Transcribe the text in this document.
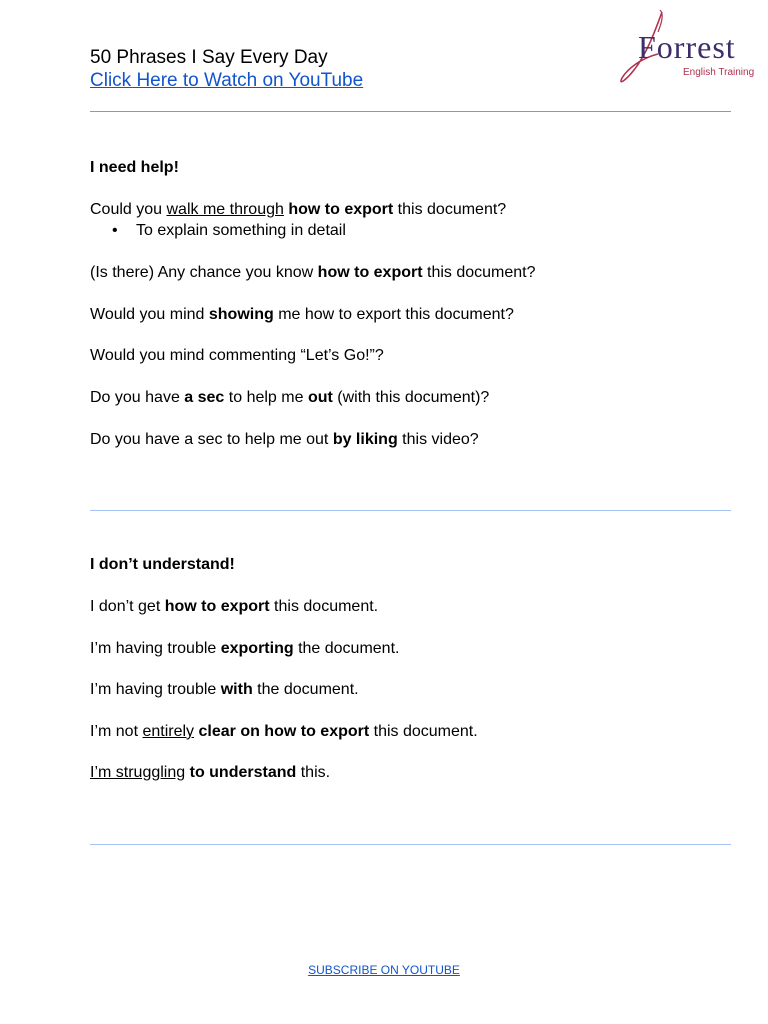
50 Phrases I Say Every Day
Click Here to Watch on YouTube
Forrest
English Training
I need help!
Could you walk me through how to export this document?
• To explain something in detail
(Is there) Any chance you know how to export this document?
Would you mind showing me how to export this document?
Would you mind commenting “Let’s Go!”?
Do you have a sec to help me out (with this document)?
Do you have a sec to help me out by liking this video?
I don’t understand!
I don’t get how to export this document.
I’m having trouble exporting the document.
I’m having trouble with the document.
I’m not entirely clear on how to export this document.
I’m struggling to understand this.
SUBSCRIBE ON YOUTUBE
